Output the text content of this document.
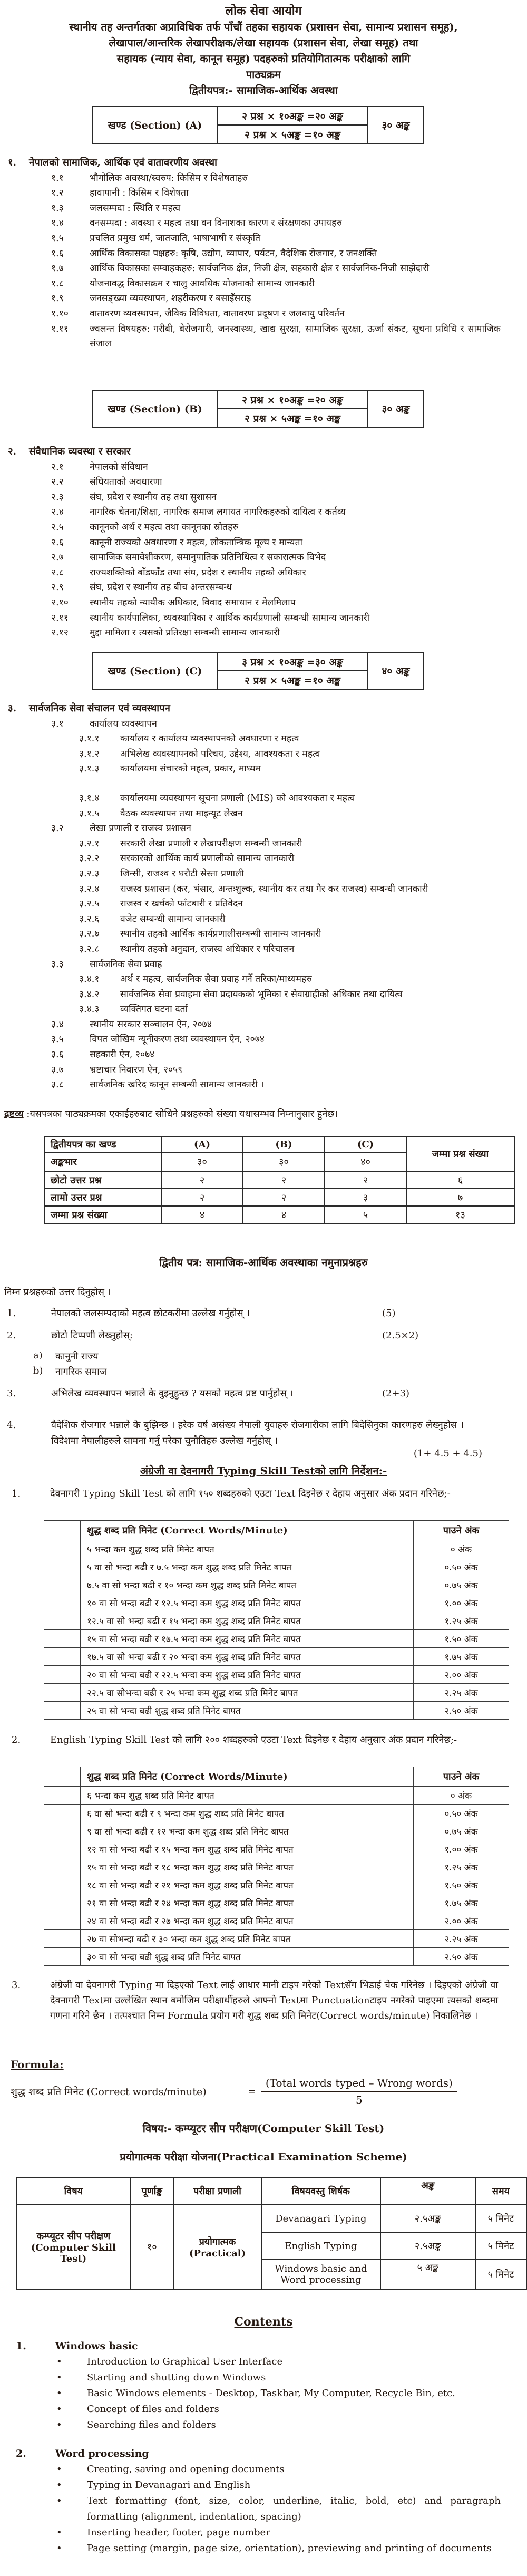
लोक सेवा आयोग
स्थानीय तह अन्तर्गतका अप्राविधिक तर्फ पाँचौं तहका सहायक (प्रशासन सेवा, सामान्य प्रशासन समूह),
लेखापाल/आन्तरिक लेखापरीक्षक/लेखा सहायक (प्रशासन सेवा, लेखा समूह) तथा
सहायक (न्याय सेवा, कानून समूह) पदहरुको प्रतियोगितात्मक परीक्षाको लागि
पाठ्यक्रम
द्वितीयपत्र:- सामाजिक-आर्थिक अवस्था
खण्ड (Section) (A)	२ प्रश्न × १०अङ्क =२० अङ्क	३० अङ्क
२ प्रश्न × ५अङ्क =१० अङ्क
१. नेपालको सामाजिक, आर्थिक एवं वातावरणीय अवस्था
१.१	भौगोलिक अवस्था/स्वरुप: किसिम र विशेषताहरु
१.२	हावापानी : किसिम र विशेषता
१.३	जलसम्पदा : स्थिति र महत्व
१.४	वनसम्पदा : अवस्था र महत्व तथा वन विनाशका कारण र संरक्षणका उपायहरु
१.५	प्रचलित प्रमुख धर्म, जातजाति, भाषाभाषी र संस्कृति
१.६	आर्थिक विकासका पक्षहरु: कृषि, उद्योग, व्यापार, पर्यटन, वैदेशिक रोजगार, र जनशक्ति
१.७	आर्थिक विकासका सम्वाहकहरु: सार्वजनिक क्षेत्र, निजी क्षेत्र, सहकारी क्षेत्र र सार्वजनिक-निजी साझेदारी
१.८	योजनावद्ध विकासक्रम र चालु आवधिक योजनाको सामान्य जानकारी
१.९	जनसङ्ख्या व्यवस्थापन, शहरीकरण र बसाइँसराइ
१.१० वातावरण व्यवस्थापन, जैविक विविधता, वातावरण प्रदूषण र जलवायु परिवर्तन
१.११ ज्वलन्त विषयहरु: गरीबी, बेरोजगारी, जनस्वास्थ्य, खाद्य सुरक्षा, सामाजिक सुरक्षा, ऊर्जा संकट, सूचना प्रविधि र सामाजिक संजाल
खण्ड (Section) (B)	२ प्रश्न × १०अङ्क =२० अङ्क	३० अङ्क
२ प्रश्न × ५अङ्क =१० अङ्क
२. संवैधानिक व्यवस्था र सरकार
२.१	नेपालको संविधान
२.२	संघियताको अवधारणा
२.३	संघ, प्रदेश र स्थानीय तह तथा सुशासन
२.४	नागरिक चेतना/शिक्षा, नागरिक समाज लगायत नागरिकहरुको दायित्व र कर्तव्य
२.५	कानूनको अर्थ र महत्व तथा कानूनका स्रोतहरु
२.६	कानूनी राज्यको अवधारणा र महत्व, लोकतान्त्रिक मूल्य र मान्यता
२.७	सामाजिक समावेशीकरण, समानुपातिक प्रतिनिधित्व र सकारात्मक विभेद
२.८	राज्यशक्तिको बाँडफाँड तथा संघ, प्रदेश र स्थानीय तहको अधिकार
२.९	संघ, प्रदेश र स्थानीय तह बीच अन्तरसम्बन्ध
२.१० स्थानीय तहको न्यायीक अधिकार, विवाद समाधान र मेलमिलाप
२.११ स्थानीय कार्यपालिका, व्यवस्थापिका र आर्थिक कार्यप्रणाली सम्बन्धी सामान्य जानकारी
२.१२ मुद्दा मामिला र त्यसको प्रतिरक्षा सम्बन्धी सामान्य जानकारी
खण्ड (Section) (C)	३ प्रश्न × १०अङ्क =३० अङ्क	४० अङ्क
२ प्रश्न × ५अङ्क =१० अङ्क
३. सार्वजनिक सेवा संचालन एवं व्यवस्थापन
३.१	कार्यालय व्यवस्थापन
३.१.१ कार्यालय र कार्यालय व्यवस्थापनको अवधारणा र महत्व
३.१.२ अभिलेख व्यवस्थापनको परिचय, उद्देश्य, आवश्यकता र महत्व
३.१.३ कार्यालयमा संचारको महत्व, प्रकार, माध्यम
३.१.४ कार्यालयमा व्यवस्थापन सूचना प्रणाली (MIS) को आवश्यकता र महत्व
३.१.५ वैठक व्यवस्थापन तथा माइन्यूट लेखन
३.२	लेखा प्रणाली र राजस्व प्रशासन
३.२.१ सरकारी लेखा प्रणाली र लेखापरीक्षण सम्बन्धी जानकारी
३.२.२ सरकारको आर्थिक कार्य प्रणालीको सामान्य जानकारी
३.२.३ जिन्सी, राजश्व र धरौटी स्रेस्ता प्रणाली
३.२.४ राजस्व प्रशासन (कर, भंसार, अन्तःशुल्क, स्थानीय कर तथा गैर कर राजस्व) सम्बन्धी जानकारी
३.२.५ राजस्व र खर्चको फाँटबारी र प्रतिवेदन
३.२.६ वजेट सम्बन्धी सामान्य जानकारी
३.२.७ स्थानीय तहको आर्थिक कार्यप्रणालीसम्बन्धी सामान्य जानकारी
३.२.८ स्थानीय तहको अनुदान, राजस्व अधिकार र परिचालन
३.३	सार्वजनिक सेवा प्रवाह
३.४.१ अर्थ र महत्व, सार्वजनिक सेवा प्रवाह गर्ने तरिका/माध्यमहरु
३.४.२ सार्वजनिक सेवा प्रवाहमा सेवा प्रदायकको भूमिका र सेवाग्राहीको अधिकार तथा दायित्व
३.४.३ व्यक्तिगत घटना दर्ता
३.४	स्थानीय सरकार सञ्चालन ऐन, २०७४
३.५	विपत जोखिम न्यूनीकरण तथा व्यवस्थापन ऐन, २०७४
३.६	सहकारी ऐन, २०७४
३.७	भ्रष्टाचार निवारण ऐन, २०५९
३.८	सार्वजनिक खरिद कानून सम्बन्धी सामान्य जानकारी ।
द्रष्टव्य :यसपत्रका पाठ्यक्रमका एकाईहरुबाट सोधिने प्रश्नहरुको संख्या यथासम्भव निम्नानुसार हुनेछ।
द्वितीयपत्र का खण्ड	(A)	(B)	(C)	जम्मा प्रश्न संख्या
अङ्कभार	३०	३०	४०	
छोटो उत्तर प्रश्न	२	२	२	६
लामो उत्तर प्रश्न	२	२	३	७
जम्मा प्रश्न संख्या	४	४	५	१३
द्वितीय पत्र: सामाजिक-आर्थिक अवस्थाका नमुनाप्रश्नहरु
निम्न प्रश्नहरुको उत्तर दिनुहोस् ।
1.	नेपालको जलसम्पदाको महत्व छोटकरीमा उल्लेख गर्नुहोस् ।	(5)
2.	छोटो टिप्पणी लेख्नुहोस्:	(2.5×2)
a)	कानुनी राज्य
b)	नागरिक समाज
3.	अभिलेख व्यवस्थापन भन्नाले के वुझ्नुहुन्छ ? यसको महत्व प्रष्ट पार्नुहोस् ।	(2+3)
4.	वैदेशिक रोजगार भन्नाले के बुझिन्छ । हरेक वर्ष असंख्य नेपाली युवाहरु रोजगारीका लागि बिदेसिनुका कारणहरु लेख्नुहोस । विदेशमा नेपालीहरुले सामना गर्नु परेका चुनौतिहरु उल्लेख गर्नुहोस् ।
(1+ 4.5 + 4.5)
अंग्रेजी वा देवनागरी Typing Skill Testको लागि निर्देशन:-
1.	देवनागरी Typing Skill Test को लागि १५० शब्दहरुको एउटा Text दिइनेछ र देहाय अनुसार अंक प्रदान गरिनेछ;-
	शुद्ध शब्द प्रति मिनेट (Correct Words/Minute)	पाउने अंक
	५ भन्दा कम शुद्ध शब्द प्रति मिनेट बापत	० अंक
	५ वा सो भन्दा बढी र ७.५ भन्दा कम शुद्ध शब्द प्रति मिनेट बापत	०.५० अंक
	७.५ वा सो भन्दा बढी र १० भन्दा कम शुद्ध शब्द प्रति मिनेट बापत	०.७५ अंक
	१० वा सो भन्दा बढी र १२.५ भन्दा कम शुद्ध शब्द प्रति मिनेट बापत	१.०० अंक
	१२.५ वा सो भन्दा बढी र १५ भन्दा कम शुद्ध शब्द प्रति मिनेट बापत	१.२५ अंक
	१५ वा सो भन्दा बढी र १७.५ भन्दा कम शुद्ध शब्द प्रति मिनेट बापत	१.५० अंक
	१७.५ वा सो भन्दा बढी र २० भन्दा कम शुद्ध शब्द प्रति मिनेट बापत	१.७५ अंक
	२० वा सो भन्दा बढी र २२.५ भन्दा कम शुद्ध शब्द प्रति मिनेट बापत	२.०० अंक
	२२.५ वा सोभन्दा बढी र २५ भन्दा कम शुद्ध शब्द प्रति मिनेट बापत	२.२५ अंक
	२५ वा सो भन्दा बढी शुद्ध शब्द प्रति मिनेट बापत	२.५० अंक
2.	English Typing Skill Test को लागि २०० शब्दहरुको एउटा Text दिइनेछ र देहाय अनुसार अंक प्रदान गरिनेछ;-
	शुद्ध शब्द प्रति मिनेट (Correct Words/Minute)	पाउने अंक
	६ भन्दा कम शुद्ध शब्द प्रति मिनेट बापत	० अंक
	६ वा सो भन्दा बढी र ९ भन्दा कम शुद्ध शब्द प्रति मिनेट बापत	०.५० अंक
	९ वा सो भन्दा बढी र १२ भन्दा कम शुद्ध शब्द प्रति मिनेट बापत	०.७५ अंक
	१२ वा सो भन्दा बढी र १५ भन्दा कम शुद्ध शब्द प्रति मिनेट बापत	१.०० अंक
	१५ वा सो भन्दा बढी र १८ भन्दा कम शुद्ध शब्द प्रति मिनेट बापत	१.२५ अंक
	१८ वा सो भन्दा बढी र २१ भन्दा कम शुद्ध शब्द प्रति मिनेट बापत	१.५० अंक
	२१ वा सो भन्दा बढी र २४ भन्दा कम शुद्ध शब्द प्रति मिनेट बापत	१.७५ अंक
	२४ वा सो भन्दा बढी र २७ भन्दा कम शुद्ध शब्द प्रति मिनेट बापत	२.०० अंक
	२७ वा सोभन्दा बढी र ३० भन्दा कम शुद्ध शब्द प्रति मिनेट बापत	२.२५ अंक
	३० वा सो भन्दा बढी शुद्ध शब्द प्रति मिनेट बापत	२.५० अंक
3.	अंग्रेजी वा देवनागरी Typing मा दिइएको Text लाई आधार मानी टाइप गरेको Textसँग भिडाई चेक गरिनेछ । दिइएको अंग्रेजी वा देवनागरी Textमा उल्लेखित स्थान बमोजिम परीक्षार्थीहरुले आफ्नो Textमा Punctuationटाइप नगरेको पाइएमा त्यसको शब्दमा गणना गरिने छैन । तत्पश्चात निम्न Formula प्रयोग गरी शुद्ध शब्द प्रति मिनेट(Correct words/minute) निकालिनेछ ।
Formula:
शुद्ध शब्द प्रति मिनेट (Correct words/minute)	= $\frac{\text{(Total words typed – Wrong words)}}{5}$
विषय:- कम्प्यूटर सीप परीक्षण(Computer Skill Test)
प्रयोगात्मक परीक्षा योजना(Practical Examination Scheme)
विषय	पूर्णाङ्क	परीक्षा प्रणाली	विषयवस्तु शिर्षक	अङ्क	समय
कम्प्यूटर सीप परीक्षण (Computer Skill Test)	१०	प्रयोगात्मक (Practical)	Devanagari Typing	२.५अङ्क	५ मिनेट
			English Typing	२.५अङ्क	५ मिनेट
			Windows basic and Word processing	५ अङ्क	५ मिनेट
Contents
1.	Windows basic
•
Introduction to Graphical User Interface
•
Starting and shutting down Windows
•
Basic Windows elements - Desktop, Taskbar, My Computer, Recycle Bin, etc.
•
Concept of files and folders
•
Searching files and folders
2.	Word processing
•
Creating, saving and opening documents
•
Typing in Devanagari and English
•
Text formatting (font, size, color, underline, italic, bold, etc) and paragraph formatting (alignment, indentation, spacing)
•
Inserting header, footer, page number
•
Page setting (margin, page size, orientation), previewing and printing of documents
